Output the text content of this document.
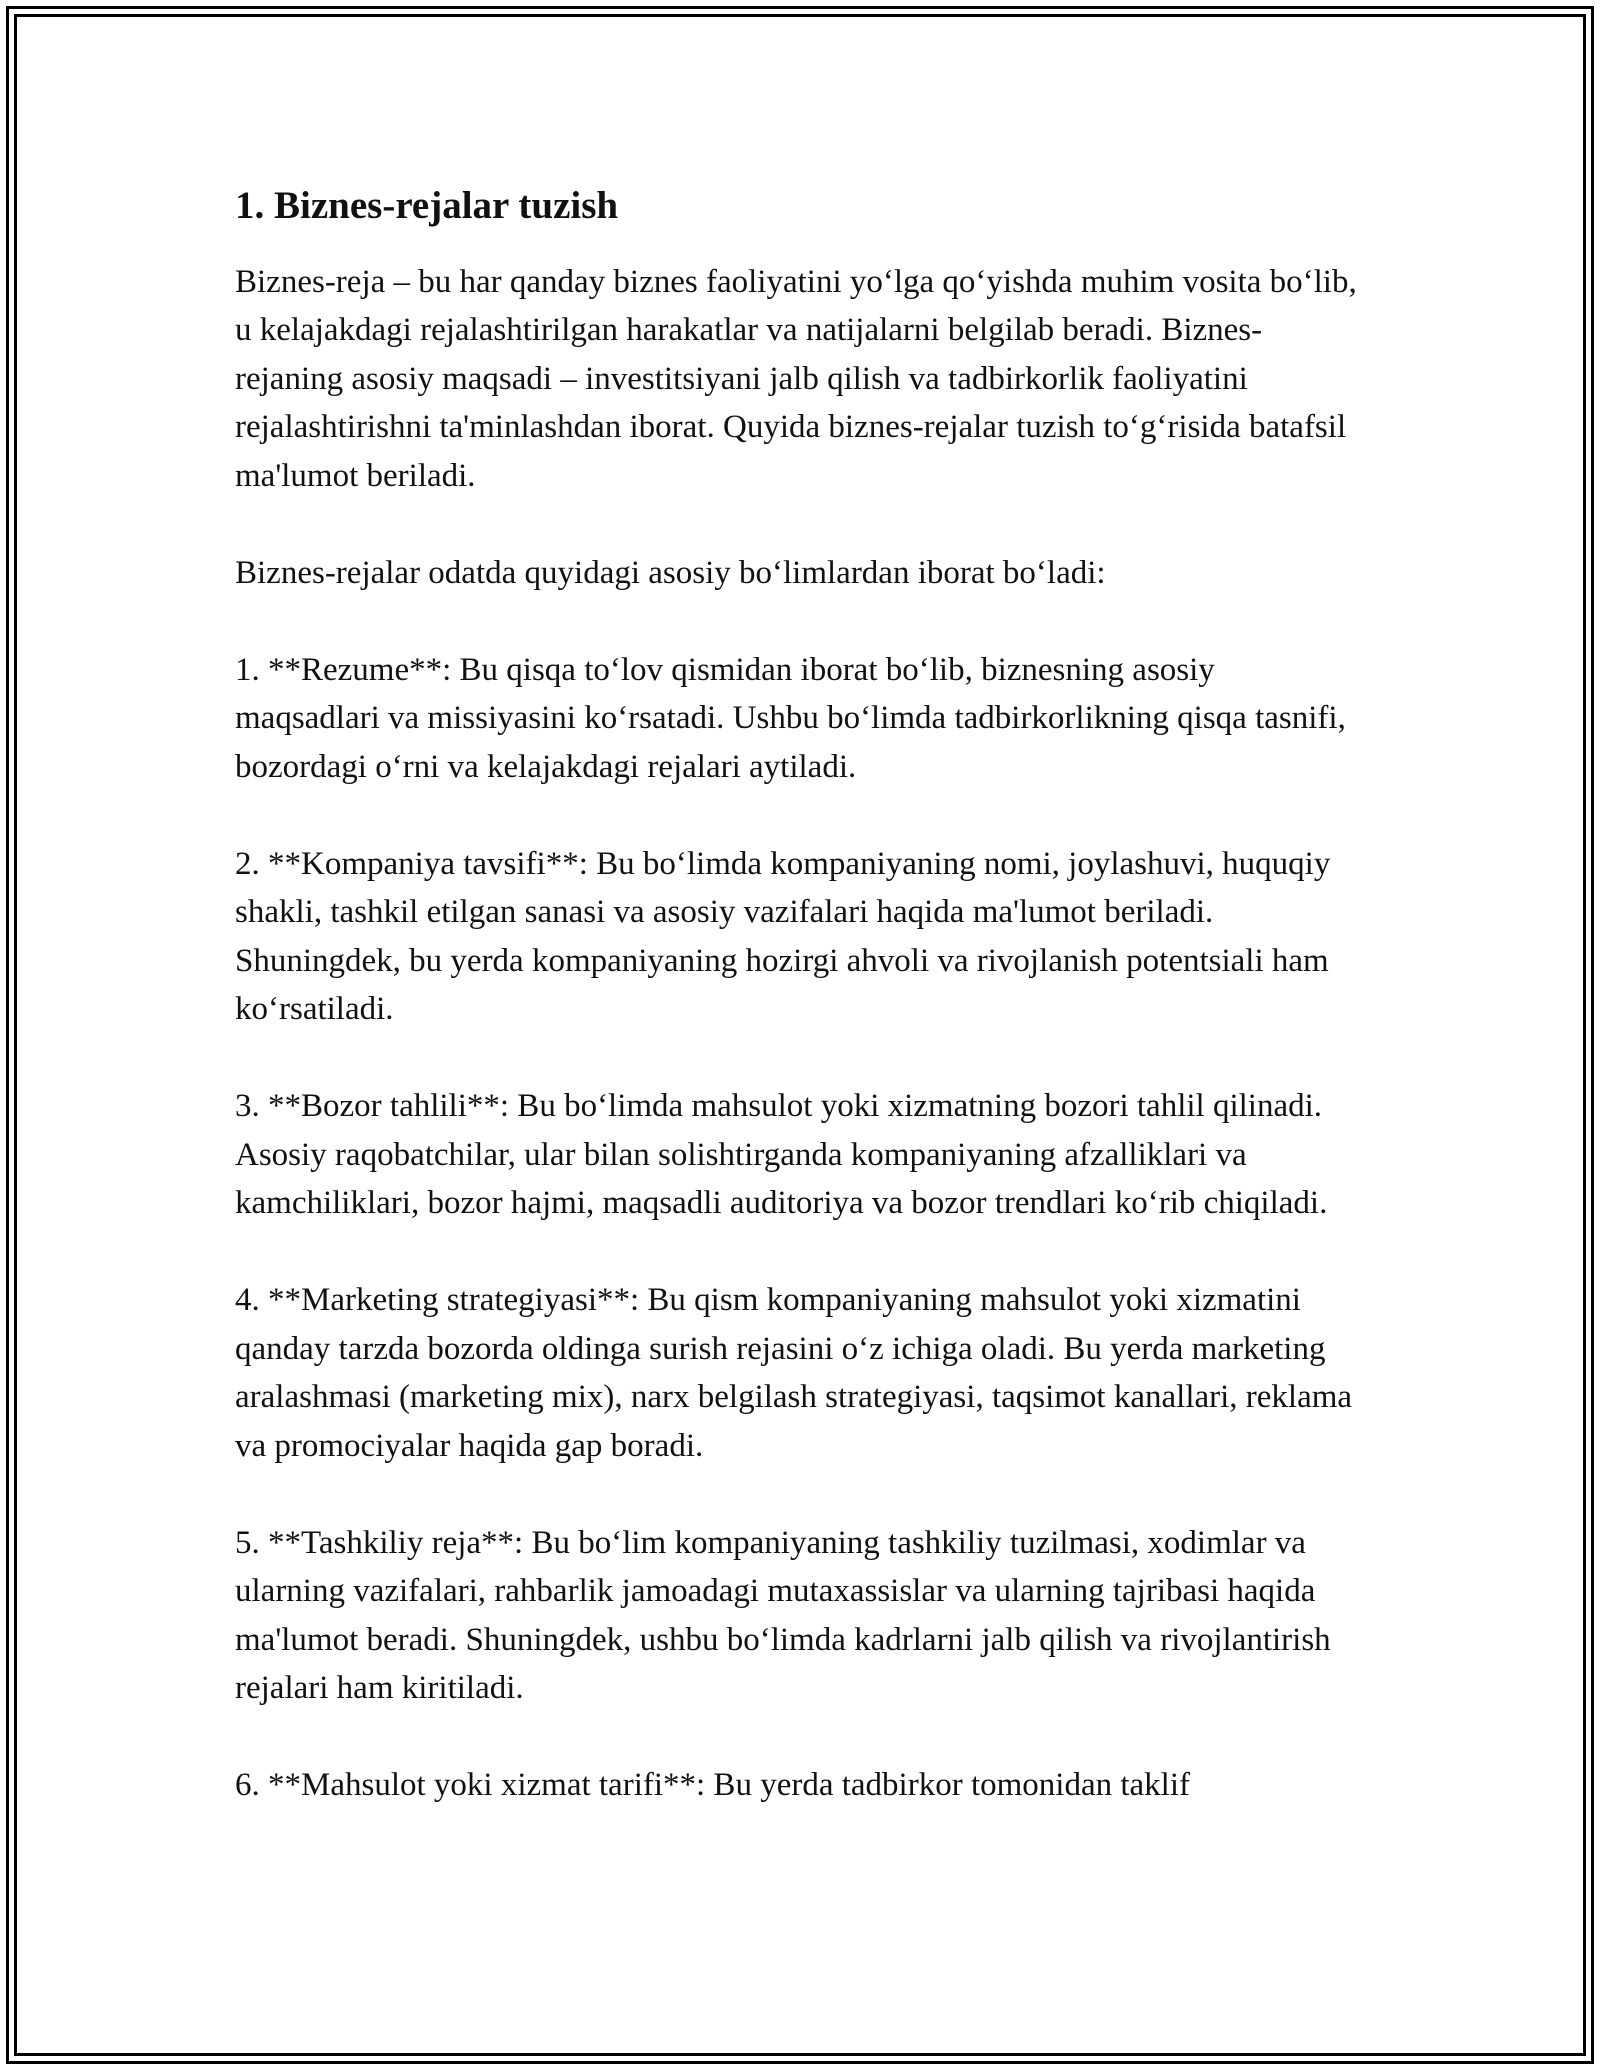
1. Biznes-rejalar tuzish

Biznes-reja – bu har qanday biznes faoliyatini yo‘lga qo‘yishda muhim vosita bo‘lib, u kelajakdagi rejalashtirilgan harakatlar va natijalarni belgilab beradi. Biznes-rejaning asosiy maqsadi – investitsiyani jalb qilish va tadbirkorlik faoliyatini rejalashtirishni ta'minlashdan iborat. Quyida biznes-rejalar tuzish to‘g‘risida batafsil ma'lumot beriladi.

Biznes-rejalar odatda quyidagi asosiy bo‘limlardan iborat bo‘ladi:

1. **Rezume**: Bu qisqa to‘lov qismidan iborat bo‘lib, biznesning asosiy maqsadlari va missiyasini ko‘rsatadi. Ushbu bo‘limda tadbirkorlikning qisqa tasnifi, bozordagi o‘rni va kelajakdagi rejalari aytiladi.

2. **Kompaniya tavsifi**: Bu bo‘limda kompaniyaning nomi, joylashuvi, huquqiy shakli, tashkil etilgan sanasi va asosiy vazifalari haqida ma'lumot beriladi. Shuningdek, bu yerda kompaniyaning hozirgi ahvoli va rivojlanish potentsiali ham ko‘rsatiladi.

3. **Bozor tahlili**: Bu bo‘limda mahsulot yoki xizmatning bozori tahlil qilinadi. Asosiy raqobatchilar, ular bilan solishtirganda kompaniyaning afzalliklari va kamchiliklari, bozor hajmi, maqsadli auditoriya va bozor trendlari ko‘rib chiqiladi.

4. **Marketing strategiyasi**: Bu qism kompaniyaning mahsulot yoki xizmatini qanday tarzda bozorda oldinga surish rejasini o‘z ichiga oladi. Bu yerda marketing aralashmasi (marketing mix), narx belgilash strategiyasi, taqsimot kanallari, reklama va promociyalar haqida gap boradi.

5. **Tashkiliy reja**: Bu bo‘lim kompaniyaning tashkiliy tuzilmasi, xodimlar va ularning vazifalari, rahbarlik jamoadagi mutaxassislar va ularning tajribasi haqida ma'lumot beradi. Shuningdek, ushbu bo‘limda kadrlarni jalb qilish va rivojlantirish rejalari ham kiritiladi.

6. **Mahsulot yoki xizmat tarifi**: Bu yerda tadbirkor tomonidan taklif
